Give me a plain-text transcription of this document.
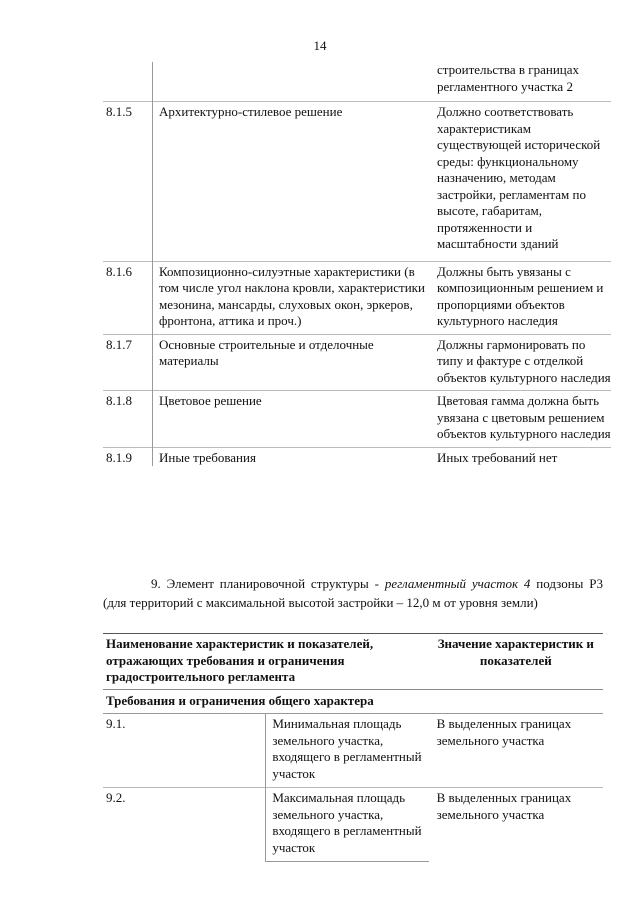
14
		строительства в границах регламентного участка 2
8.1.5	Архитектурно-стилевое решение	Должно соответствовать характеристикам существующей исторической среды: функциональному назначению, методам застройки, регламентам по высоте, габаритам, протяженности и масштабности зданий
8.1.6	Композиционно-силуэтные характеристики (в том числе угол наклона кровли, характеристики мезонина, мансарды, слуховых окон, эркеров, фронтона, аттика и проч.)	Должны быть увязаны с композиционным решением и пропорциями объектов культурного наследия
8.1.7	Основные строительные и отделочные материалы	Должны гармонировать по типу и фактуре с отделкой объектов культурного наследия
8.1.8	Цветовое решение	Цветовая гамма должна быть увязана с цветовым решением объектов культурного наследия
8.1.9	Иные требования	Иных требований нет
9. Элемент планировочной структуры - регламентный участок 4 подзоны Р3 (для территорий с максимальной высотой застройки – 12,0 м от уровня земли)
Наименование характеристик и показателей, отражающих требования и ограничения градостроительного регламента		Значение характеристик и показателей
Требования и ограничения общего характера		
9.1.	Минимальная площадь земельного участка, входящего в регламентный участок	В выделенных границах земельного участка
9.2.	Максимальная площадь земельного участка, входящего в регламентный участок	В выделенных границах земельного участка
